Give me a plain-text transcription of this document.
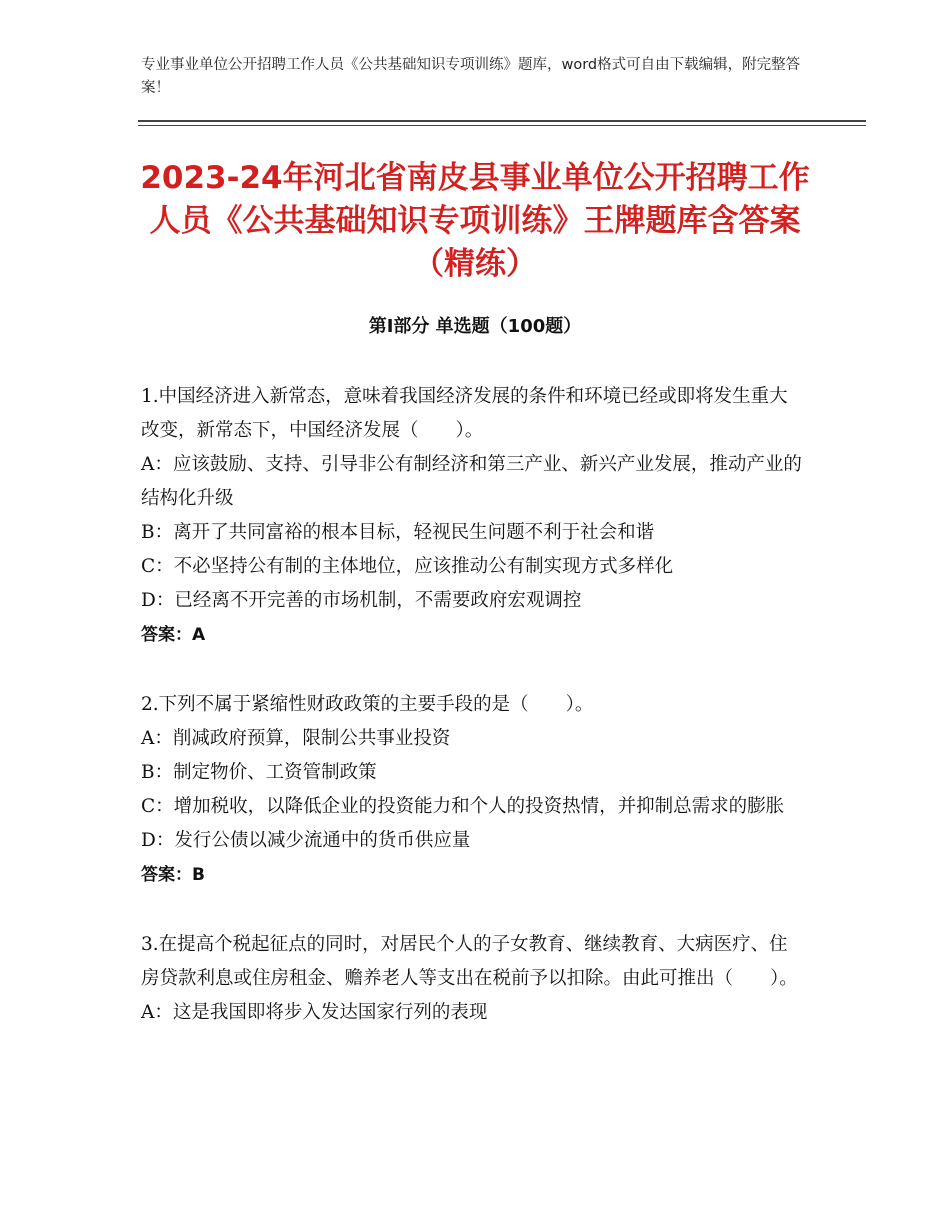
专业事业单位公开招聘工作人员《公共基础知识专项训练》题库，word格式可自由下载编辑，附完整答案！
2023-24年河北省南皮县事业单位公开招聘工作人员《公共基础知识专项训练》王牌题库含答案（精练）
第Ⅰ部分 单选题（100题）

1.中国经济进入新常态，意味着我国经济发展的条件和环境已经或即将发生重大改变，新常态下，中国经济发展（　　）。

A：应该鼓励、支持、引导非公有制经济和第三产业、新兴产业发展，推动产业的结构化升级

B：离开了共同富裕的根本目标，轻视民生问题不利于社会和谐

C：不必坚持公有制的主体地位，应该推动公有制实现方式多样化

D：已经离不开完善的市场机制，不需要政府宏观调控

答案：A

2.下列不属于紧缩性财政政策的主要手段的是（　　）。

A：削减政府预算，限制公共事业投资

B：制定物价、工资管制政策

C：增加税收，以降低企业的投资能力和个人的投资热情，并抑制总需求的膨胀

D：发行公债以减少流通中的货币供应量

答案：B

3.在提高个税起征点的同时，对居民个人的子女教育、继续教育、大病医疗、住房贷款利息或住房租金、赡养老人等支出在税前予以扣除。由此可推出（　　）。

A：这是我国即将步入发达国家行列的表现
